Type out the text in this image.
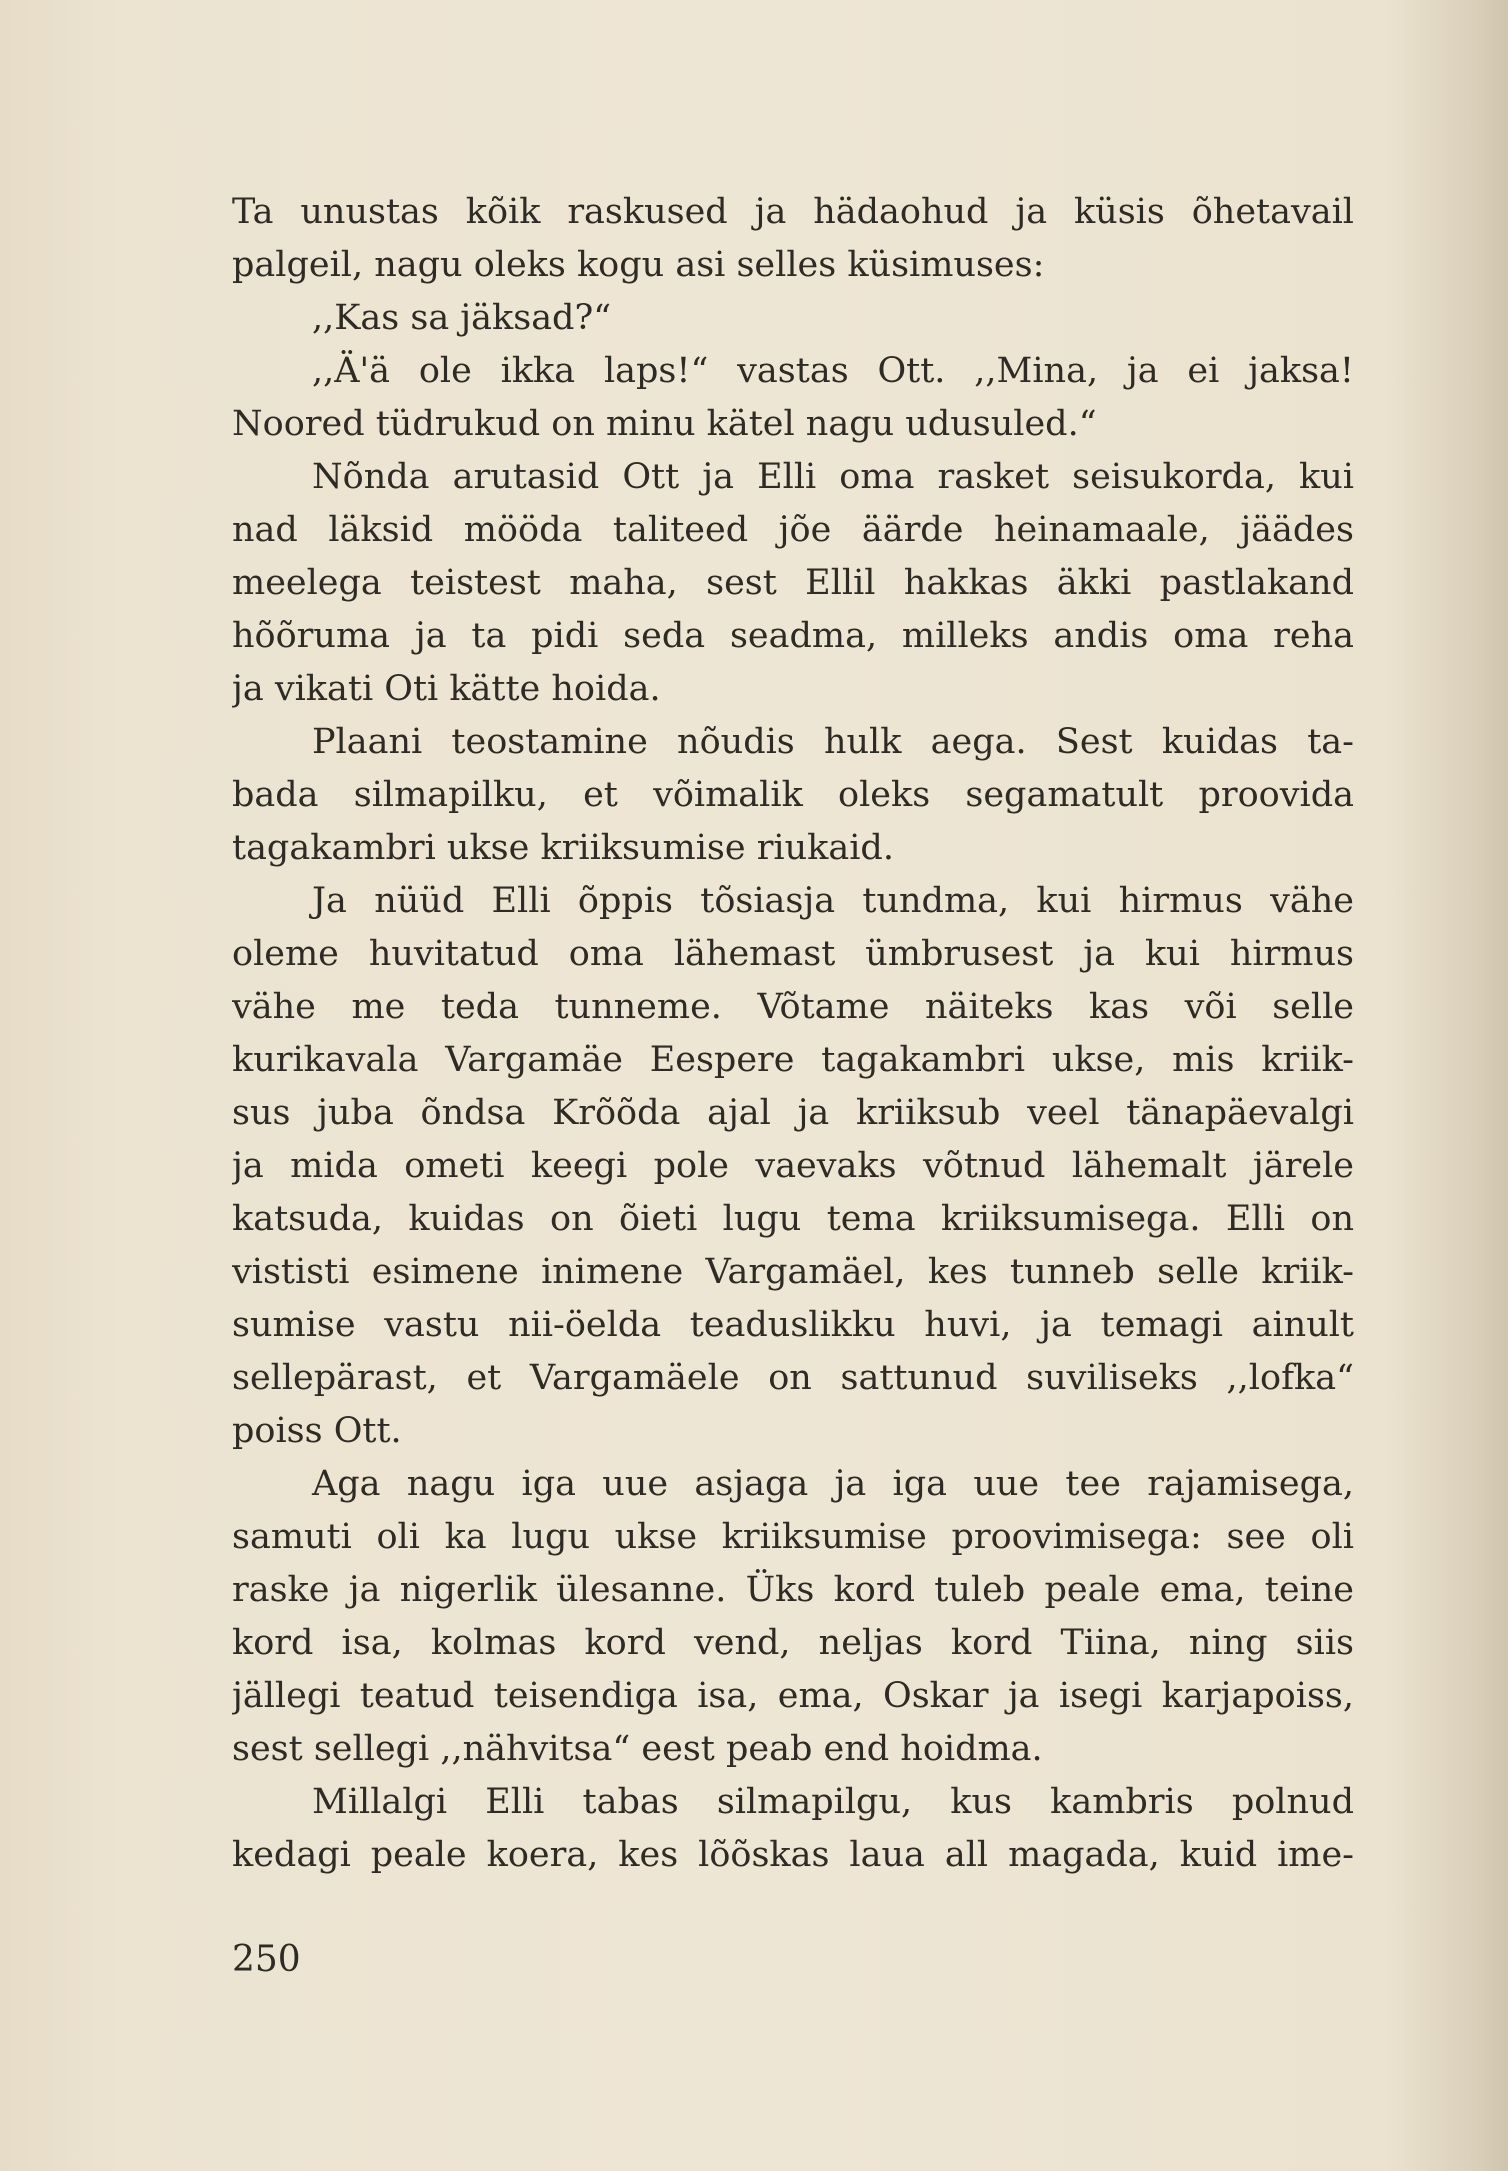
Ta unustas kõik raskused ja hädaohud ja küsis õhetavail
palgeil, nagu oleks kogu asi selles küsimuses:
,,Kas sa jäksad?“
,,Ä'ä ole ikka laps!“ vastas Ott. ,,Mina, ja ei jaksa!
Noored tüdrukud on minu kätel nagu udusuled.“
Nõnda arutasid Ott ja Elli oma rasket seisukorda, kui
nad läksid mööda taliteed jõe äärde heinamaale, jäädes
meelega teistest maha, sest Ellil hakkas äkki pastlakand
hõõruma ja ta pidi seda seadma, milleks andis oma reha
ja vikati Oti kätte hoida.
Plaani teostamine nõudis hulk aega. Sest kuidas ta-
bada silmapilku, et võimalik oleks segamatult proovida
tagakambri ukse kriiksumise riukaid.
Ja nüüd Elli õppis tõsiasja tundma, kui hirmus vähe
oleme huvitatud oma lähemast ümbrusest ja kui hirmus
vähe me teda tunneme. Võtame näiteks kas või selle
kurikavala Vargamäe Eespere tagakambri ukse, mis kriik-
sus juba õndsa Krõõda ajal ja kriiksub veel tänapäevalgi
ja mida ometi keegi pole vaevaks võtnud lähemalt järele
katsuda, kuidas on õieti lugu tema kriiksumisega. Elli on
vististi esimene inimene Vargamäel, kes tunneb selle kriik-
sumise vastu nii-öelda teaduslikku huvi, ja temagi ainult
sellepärast, et Vargamäele on sattunud suviliseks ,,lofka“
poiss Ott.
Aga nagu iga uue asjaga ja iga uue tee rajamisega,
samuti oli ka lugu ukse kriiksumise proovimisega: see oli
raske ja nigerlik ülesanne. Üks kord tuleb peale ema, teine
kord isa, kolmas kord vend, neljas kord Tiina, ning siis
jällegi teatud teisendiga isa, ema, Oskar ja isegi karjapoiss,
sest sellegi ,,nähvitsa“ eest peab end hoidma.
Millalgi Elli tabas silmapilgu, kus kambris polnud
kedagi peale koera, kes lõõskas laua all magada, kuid ime-
250
